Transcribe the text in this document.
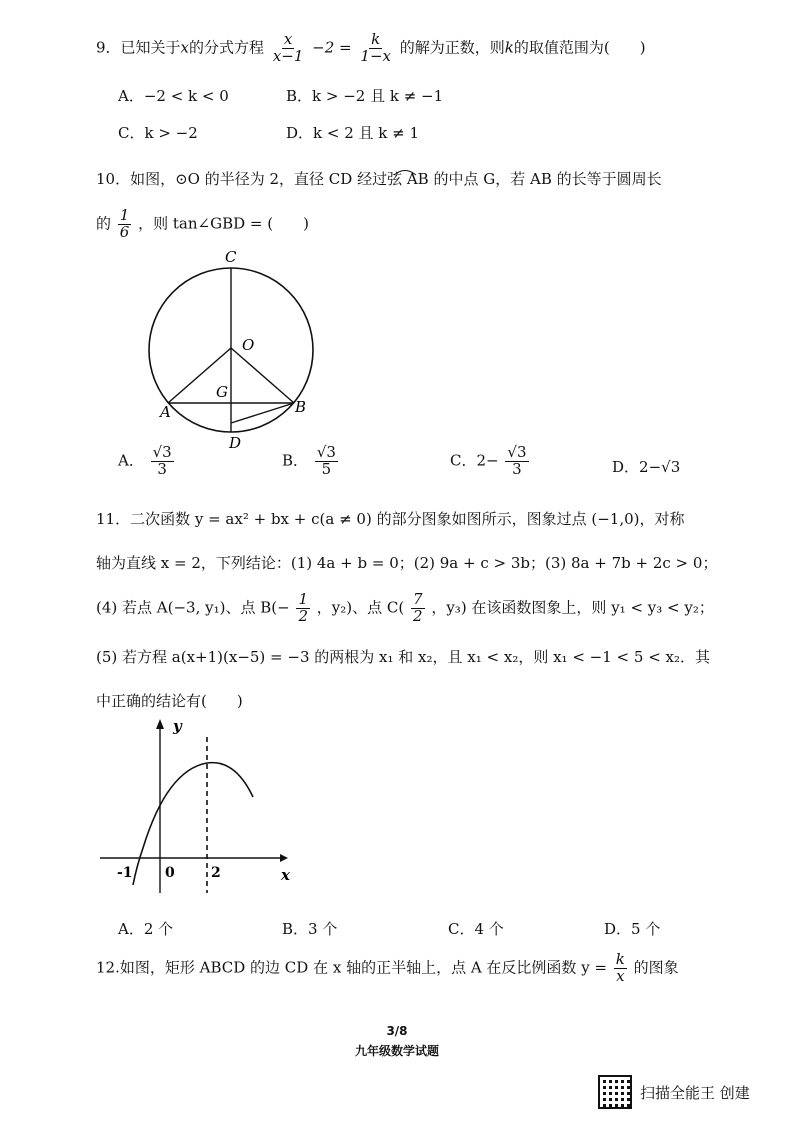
9．已知关于x的分式方程 $\frac{x}{x-1} -2 = \frac{k}{1-x}$ 的解为正数，则k的取值范围为(　　)
A．−2 < k < 0	B．k > −2 且 k ≠ −1
C．k > −2	D．k < 2 且 k ≠ 1
10．如图，⊙O 的半径为 2，直径 CD 经过弦 AB 的中点 G，若 AB 的长等于圆周长
的 $\frac{1}{6}$ ，则 tan∠GBD = (　　)
C
O
G
A	B
D
A． $\frac{√3}{3}$	B． $\frac{√3}{5}$	C．$2- \frac{√3}{3}$	D．2−√3
11．二次函数 y = ax² + bx + c(a ≠ 0) 的部分图象如图所示，图象过点 (−1,0)，对称
轴为直线 x = 2，下列结论：(1) 4a + b = 0；(2) 9a + c > 3b；(3) 8a + 7b + 2c > 0；
(4) 若点 A(−3, y₁)、点 $B(- \frac{1}{2}$ ，y₂)、点 $C( \frac{7}{2}$ ，y₃) 在该函数图象上，则 y₁ < y₃ < y₂；
(5) 若方程 a(x+1)(x−5) = −3 的两根为 x₁ 和 x₂，且 x₁ < x₂，则 x₁ < −1 < 5 < x₂．其
中正确的结论有(　　)
y
x
-1 0	2
A．2 个	B．3 个	C．4 个	D．5 个
12.如图，矩形 ABCD 的边 CD 在 x 轴的正半轴上，点 A 在反比例函数 $y = \frac{k}{x}$ 的图象
3/8
九年级数学试题
扫描全能王 创建
